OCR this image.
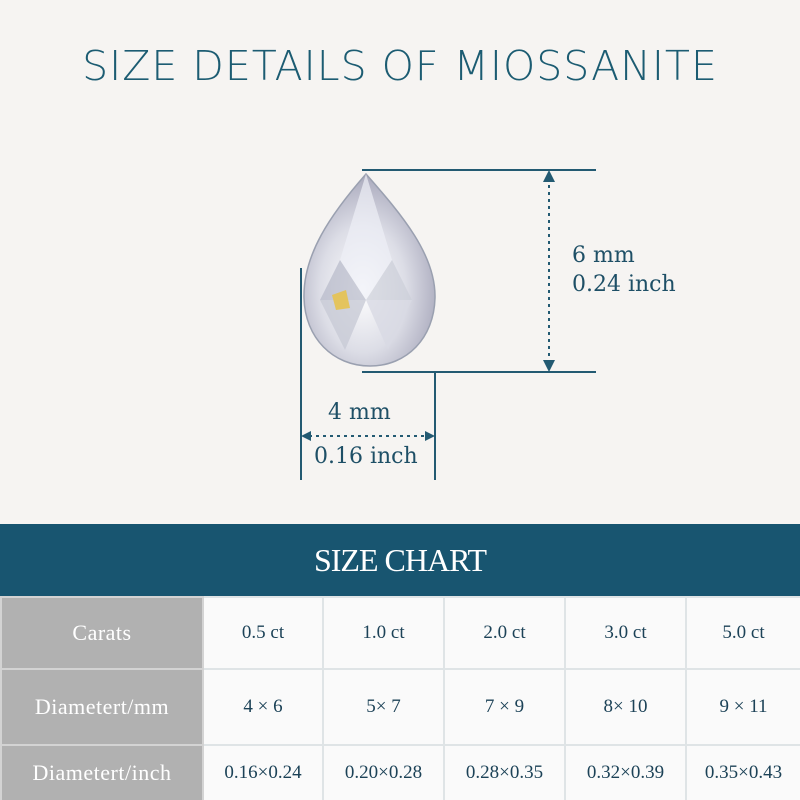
SIZE DETAILS OF MIOSSANITE
6 mm
0.24 inch
4 mm
0.16 inch
SIZE CHART
Carats	0.5 ct	1.0 ct	2.0 ct	3.0 ct	5.0 ct
Diametert/mm	4 × 6	5× 7	7 × 9	8× 10	9 × 11
Diametert/inch	0.16×0.24	0.20×0.28	0.28×0.35	0.32×0.39	0.35×0.43
